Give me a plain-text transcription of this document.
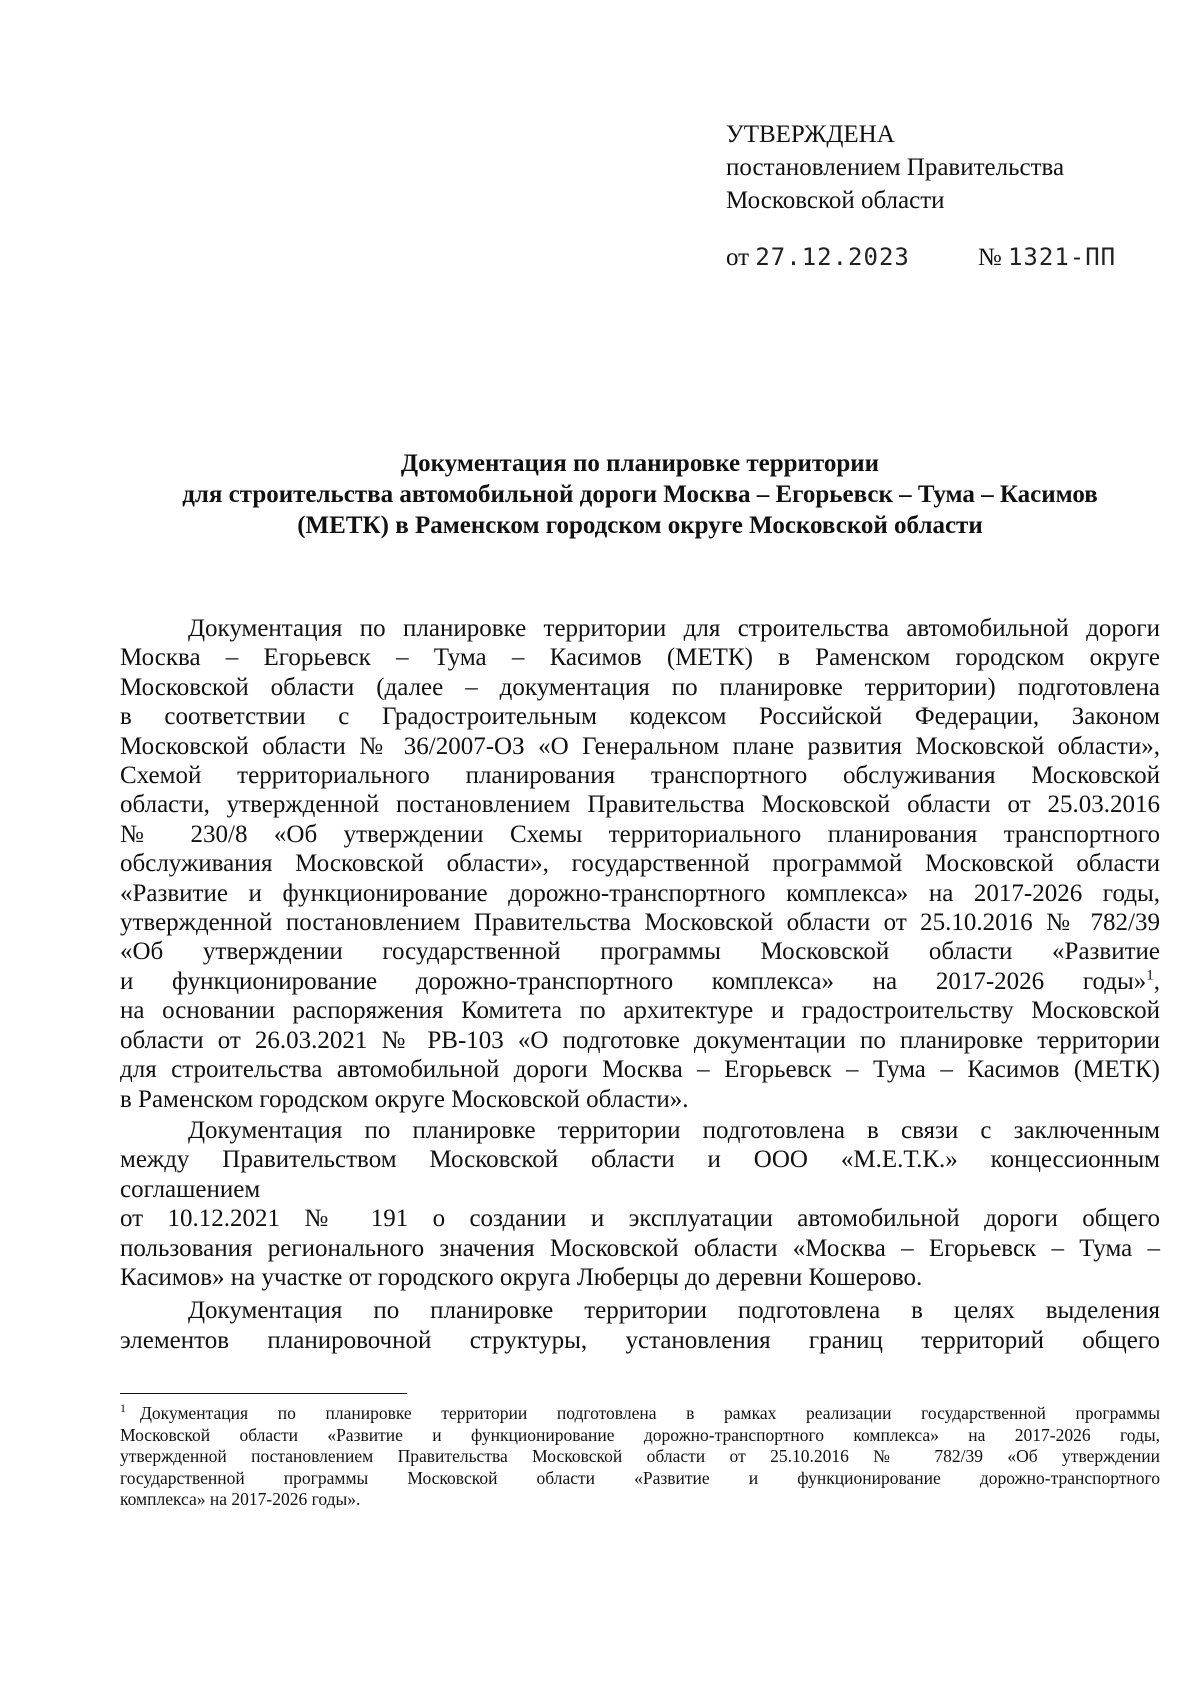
УТВЕРЖДЕНА
постановлением Правительства
Московской области
от 27.12.2023	№ 1321-ПП
Документация по планировке территории
для строительства автомобильной дороги Москва – Егорьевск – Тума – Касимов
(МЕТК) в Раменском городском округе Московской области

Документация по планировке территории для строительства автомобильной дороги

Москва – Егорьевск – Тума – Касимов (МЕТК) в Раменском городском округе

Московской области (далее – документация по планировке территории) подготовлена

в соответствии с Градостроительным кодексом Российской Федерации, Законом

Московской области № 36/2007-ОЗ «О Генеральном плане развития Московской области»,

Схемой территориального планирования транспортного обслуживания Московской

области, утвержденной постановлением Правительства Московской области от 25.03.2016

№ 230/8 «Об утверждении Схемы территориального планирования транспортного

обслуживания Московской области», государственной программой Московской области

«Развитие и функционирование дорожно-транспортного комплекса» на 2017-2026 годы,

утвержденной постановлением Правительства Московской области от 25.10.2016 № 782/39

«Об утверждении государственной программы Московской области «Развитие

и функционирование дорожно-транспортного комплекса» на 2017-2026 годы»$^1$,

на основании распоряжения Комитета по архитектуре и градостроительству Московской

области от 26.03.2021 № РВ-103 «О подготовке документации по планировке территории

для строительства автомобильной дороги Москва – Егорьевск – Тума – Касимов (МЕТК)

в Раменском городском округе Московской области».

Документация по планировке территории подготовлена в связи с заключенным

между Правительством Московской области и ООО «М.Е.Т.К.» концессионным

соглашением

от 10.12.2021 № 191 о создании и эксплуатации автомобильной дороги общего

пользования регионального значения Московской области «Москва – Егорьевск – Тума –

Касимов» на участке от городского округа Люберцы до деревни Кошерово.

Документация по планировке территории подготовлена в целях выделения

элементов планировочной структуры, установления границ территорий общего

$^1$ Документация по планировке территории подготовлена в рамках реализации государственной программы

Московской области «Развитие и функционирование дорожно-транспортного комплекса» на 2017-2026 годы,

утвержденной постановлением Правительства Московской области от 25.10.2016 № 782/39 «Об утверждении

государственной программы Московской области «Развитие и функционирование дорожно-транспортного

комплекса» на 2017-2026 годы».
